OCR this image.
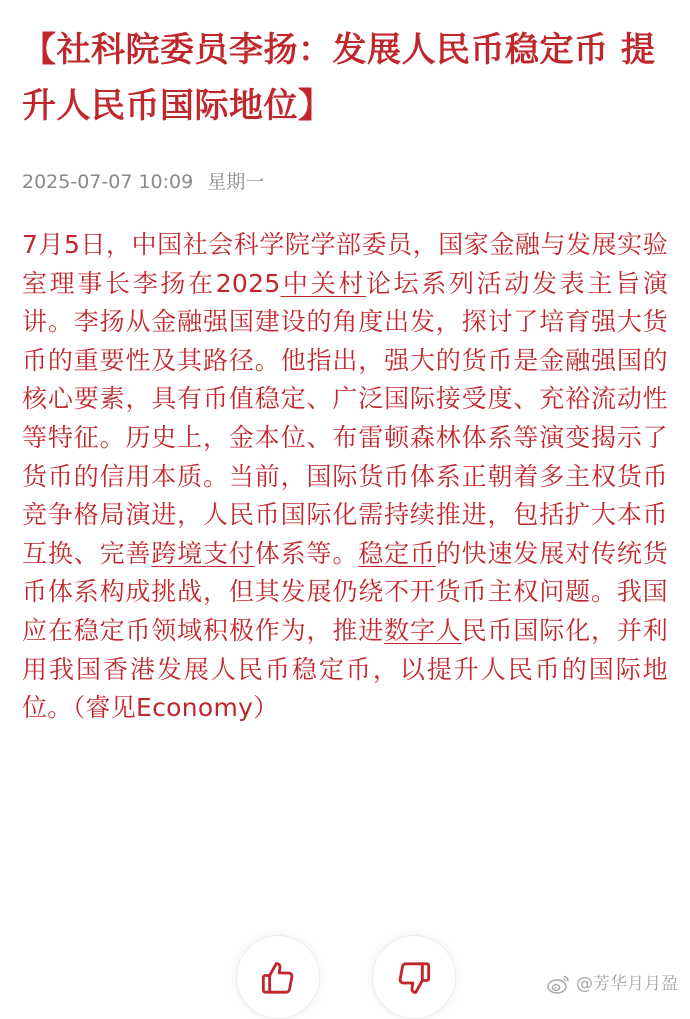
【社科院委员李扬：发展人民币稳定币 提升人民币国际地位】
2025-07-07 10:09 星期一
7月5日，中国社会科学院学部委员，国家金融与发展实验室理事长李扬在2025中关村论坛系列活动发表主旨演讲。李扬从金融强国建设的角度出发，探讨了培育强大货币的重要性及其路径。他指出，强大的货币是金融强国的核心要素，具有币值稳定、广泛国际接受度、充裕流动性等特征。历史上，金本位、布雷顿森林体系等演变揭示了货币的信用本质。当前，国际货币体系正朝着多主权货币竞争格局演进，人民币国际化需持续推进，包括扩大本币互换、完善跨境支付体系等。稳定币的快速发展对传统货币体系构成挑战，但其发展仍绕不开货币主权问题。我国应在稳定币领域积极作为，推进数字人民币国际化，并利用我国香港发展人民币稳定币，以提升人民币的国际地位。（睿见Economy）
@芳华月月盈
